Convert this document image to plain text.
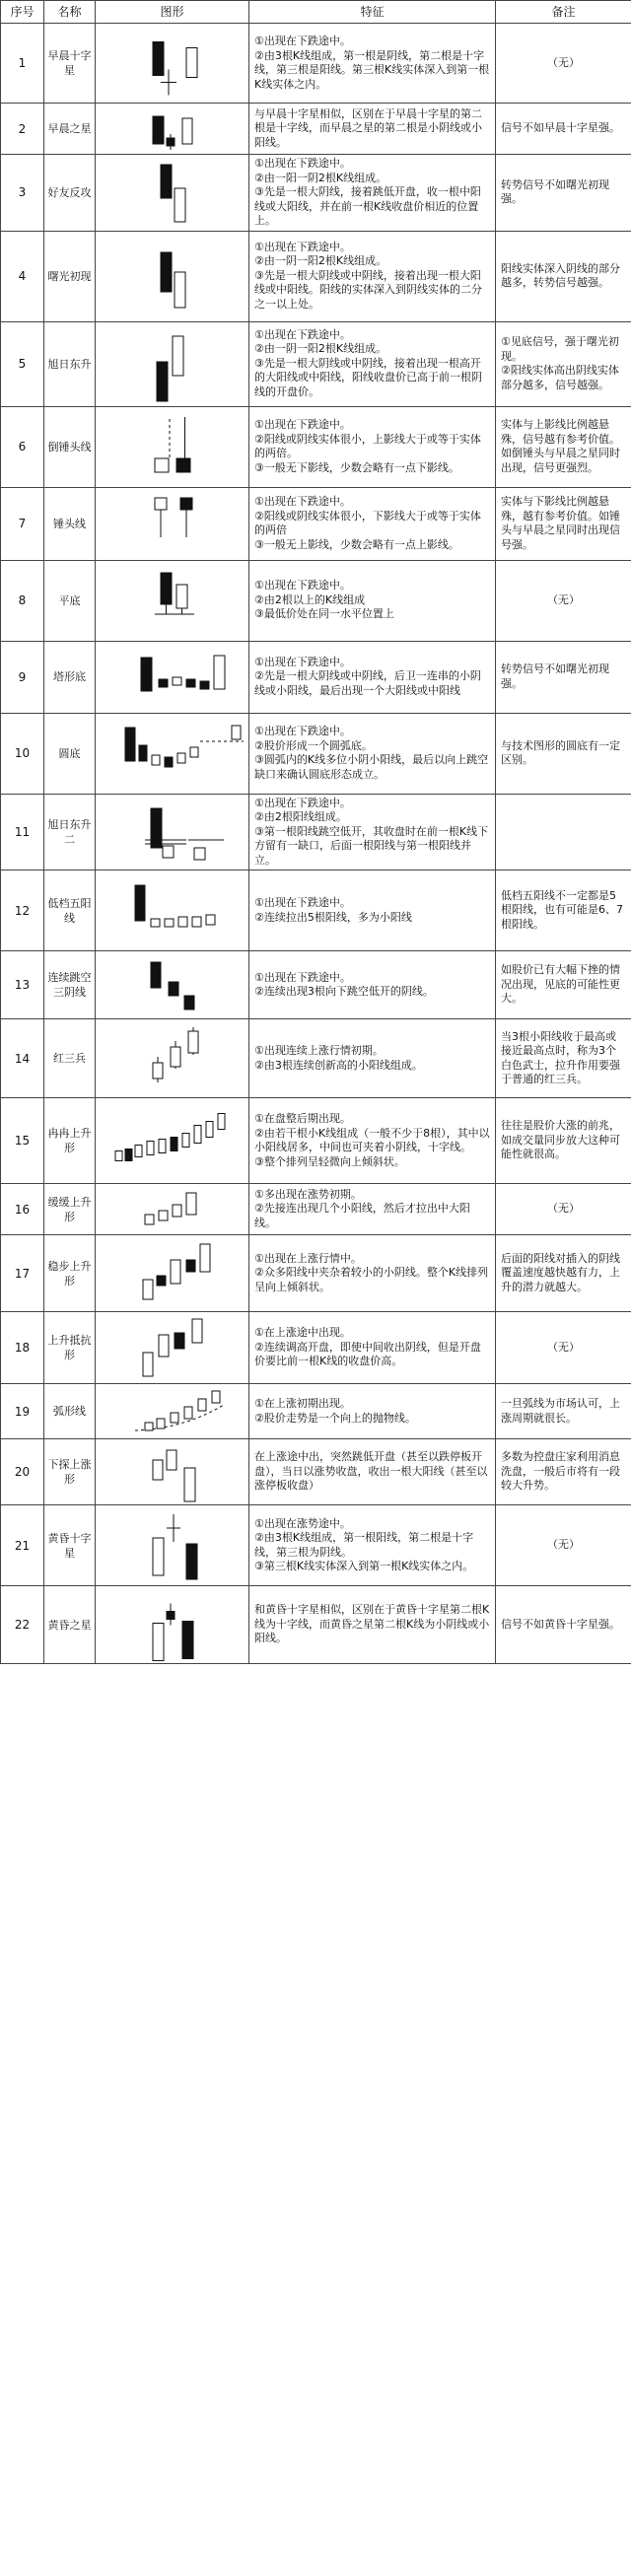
序号	名称	图形	特征	备注
1	早晨十字星		①出现在下跌途中。
②由3根K线组成，第一根是阴线，第二根是十字线，第三根是阳线。第三根K线实体深入到第一根K线实体之内。	（无）
2	早晨之星		与早晨十字星相似，区别在于早晨十字星的第二根是十字线，而早晨之星的第二根是小阴线或小阳线。	信号不如早晨十字星强。
3	好友反攻		①出现在下跌途中。
②由一阳一阴2根K线组成。
③先是一根大阴线，接着跳低开盘，收一根中阳线或大阳线，并在前一根K线收盘价相近的位置上。	转势信号不如曙光初现强。
4	曙光初现		①出现在下跌途中。
②由一阴一阳2根K线组成。
③先是一根大阴线或中阴线，接着出现一根大阳线或中阳线。阳线的实体深入到阴线实体的二分之一以上处。	阳线实体深入阴线的部分越多，转势信号越强。
5	旭日东升		①出现在下跌途中。
②由一阴一阳2根K线组成。
③先是一根大阴线或中阴线，接着出现一根高开的大阳线或中阳线，阳线收盘价已高于前一根阴线的开盘价。	①见底信号，强于曙光初现。
②阳线实体高出阴线实体部分越多，信号越强。
6	倒锤头线		①出现在下跌途中。
②阳线或阴线实体很小，上影线大于或等于实体的两倍。
③一般无下影线，少数会略有一点下影线。	实体与上影线比例越悬殊，信号越有参考价值。如倒锤头与早晨之星同时出现，信号更强烈。
7	锤头线		①出现在下跌途中。
②阳线或阴线实体很小，下影线大于或等于实体的两倍
③一般无上影线，少数会略有一点上影线。	实体与下影线比例越悬殊，越有参考价值。如锤头与早晨之星同时出现信号强。
8	平底		①出现在下跌途中。
②由2根以上的K线组成
③最低价处在同一水平位置上	（无）
9	塔形底		①出现在下跌途中。
②先是一根大阴线或中阴线，后卫一连串的小阴线或小阳线，最后出现一个大阳线或中阳线	转势信号不如曙光初现强。
10	圆底		①出现在下跌途中。
②股价形成一个圆弧底。
③圆弧内的K线多位小阴小阳线，最后以向上跳空缺口来确认圆底形态成立。	与技术图形的圆底有一定区别。
11	旭日东升二		①出现在下跌途中。
②由2根阳线组成。
③第一根阳线跳空低开，其收盘时在前一根K线下方留有一缺口，后面一根阳线与第一根阳线并立。	
12	低档五阳线		①出现在下跌途中。
②连续拉出5根阳线，多为小阳线	低档五阳线不一定都是5根阳线，也有可能是6、7根阳线。
13	连续跳空三阴线		①出现在下跌途中。
②连续出现3根向下跳空低开的阴线。	如股价已有大幅下挫的情况出现，见底的可能性更大。
14	红三兵		①出现连续上涨行情初期。
②由3根连续创新高的小阳线组成。	当3根小阳线收于最高或接近最高点时，称为3个白色武士，拉升作用要强于普通的红三兵。
15	冉冉上升形		①在盘整后期出现。
②由若干根小K线组成（一般不少于8根），其中以小阳线居多，中间也可夹着小阴线，十字线。
③整个排列呈轻微向上倾斜状。	往往是股价大涨的前兆，如成交量同步放大这种可能性就很高。
16	缓缓上升形		①多出现在涨势初期。
②先接连出现几个小阳线，然后才拉出中大阳线。	（无）
17	稳步上升形		①出现在上涨行情中。
②众多阳线中夹杂着较小的小阴线。整个K线排列呈向上倾斜状。	后面的阳线对插入的阴线覆盖速度越快越有力，上升的潜力就越大。
18	上升抵抗形		①在上涨途中出现。
②连续调高开盘，即使中间收出阴线，但是开盘价要比前一根K线的收盘价高。	（无）
19	弧形线		①在上涨初期出现。
②股价走势是一个向上的抛物线。	一旦弧线为市场认可，上涨周期就很长。
20	下探上涨形		在上涨途中出，突然跳低开盘（甚至以跌停板开盘），当日以涨势收盘，收出一根大阳线（甚至以涨停板收盘）	多数为控盘庄家利用消息洗盘，一般后市将有一段较大升势。
21	黄昏十字星		①出现在涨势途中。
②由3根K线组成，第一根阳线，第二根是十字线，第三根为阴线。
③第三根K线实体深入到第一根K线实体之内。	（无）
22	黄昏之星		和黄昏十字星相似，区别在于黄昏十字星第二根K线为十字线，而黄昏之星第二根K线为小阴线或小阳线。	信号不如黄昏十字星强。
